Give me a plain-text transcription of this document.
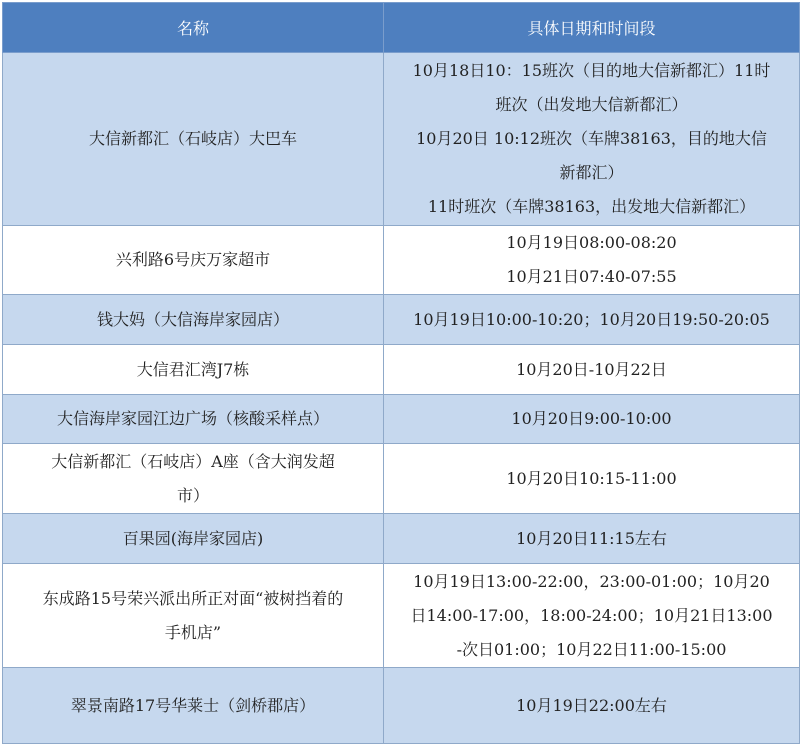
名称	具体日期和时间段

大信新都汇（石岐店）大巴车	10月18日10：15班次（目的地大信新都汇）11时
班次（出发地大信新都汇）
10月20日 10:12班次（车牌38163，目的地大信
新都汇）
11时班次（车牌38163，出发地大信新都汇）

兴利路6号庆万家超市	10月19日08:00-08:20
10月21日07:40-07:55

钱大妈（大信海岸家园店）	10月19日10:00-10:20；10月20日19:50-20:05

大信君汇湾J7栋	10月20日-10月22日

大信海岸家园江边广场（核酸采样点）	10月20日9:00-10:00

大信新都汇（石岐店）A座（含大润发超
市）	10月20日10:15-11:00

百果园(海岸家园店)	10月20日11:15左右

东成路15号荣兴派出所正对面“被树挡着的
手机店”	10月19日13:00-22:00，23:00-01:00；10月20
日14:00-17:00，18:00-24:00；10月21日13:00
-次日01:00；10月22日11:00-15:00

翠景南路17号华莱士（剑桥郡店）	10月19日22:00左右
